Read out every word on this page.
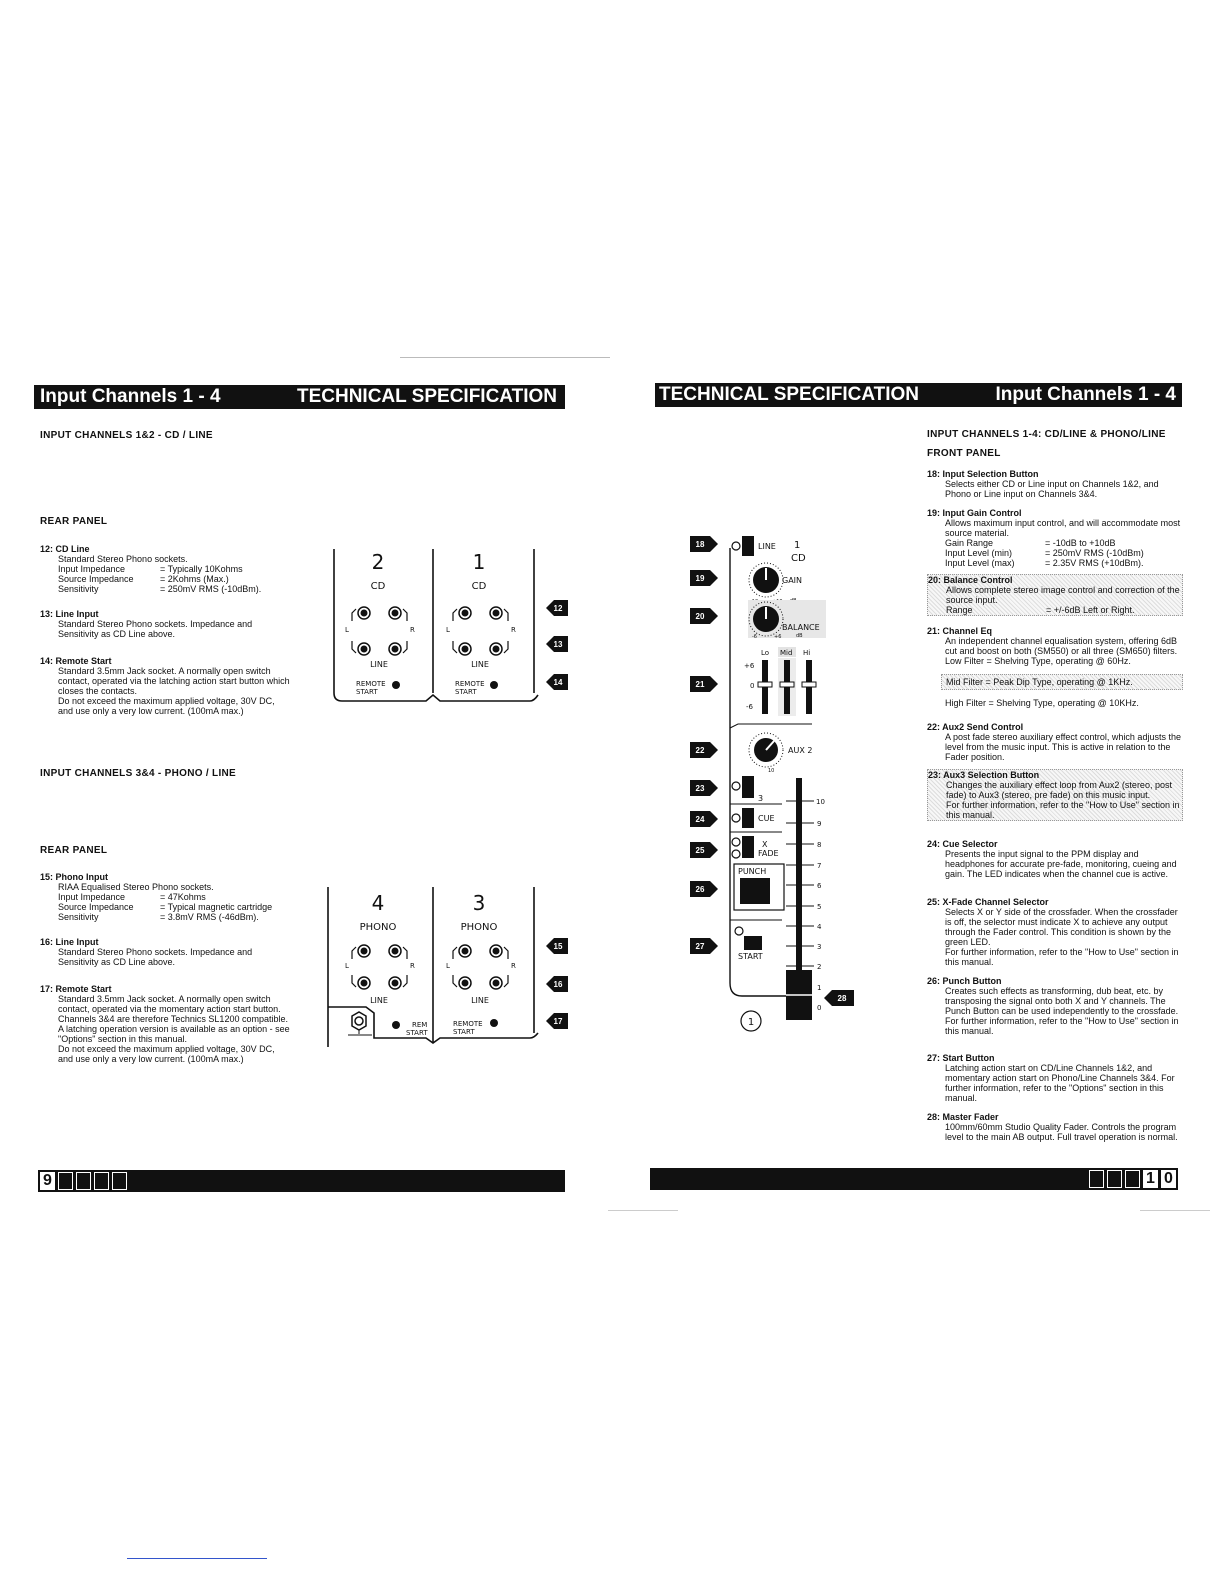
Input Channels 1 - 4	TECHNICAL SPECIFICATION
INPUT CHANNELS 1&2 - CD / LINE
REAR PANEL
12: CD Line
Standard Stereo Phono sockets.
Input Impedance	= Typically 10Kohms
Source Impedance	= 2Kohms (Max.)
Sensitivity	= 250mV RMS (-10dBm).
13: Line Input
Standard Stereo Phono sockets. Impedance and Sensitivity as CD Line above.
14: Remote Start
Standard 3.5mm Jack socket. A normally open switch contact, operated via the latching action start button which closes the contacts.
Do not exceed the maximum applied voltage, 30V DC, and use only a very low current. (100mA max.)
INPUT CHANNELS 3&4 - PHONO / LINE
REAR PANEL
15: Phono Input
RIAA Equalised Stereo Phono sockets.
Input Impedance	= 47Kohms
Source Impedance	= Typical magnetic cartridge
Sensitivity	= 3.8mV RMS (-46dBm).
16: Line Input
Standard Stereo Phono sockets. Impedance and Sensitivity as CD Line above.
17: Remote Start
Standard 3.5mm Jack socket. A normally open switch contact, operated via the momentary action start button. Channels 3&4 are therefore Technics SL1200 compatible. A latching operation version is available as an option - see "Options" section in this manual.
Do not exceed the maximum applied voltage, 30V DC, and use only a very low current. (100mA max.)
2	1
CD	CD
L	R
LINE
L	R
LINE
REMOTE
START
REMOTE
START
12
13
14
4	3
PHONO	PHONO
L	R
LINE
L	R
LINE
REM
START
REMOTE
START
15
16
17
9
TECHNICAL SPECIFICATION	Input Channels 1 - 4
INPUT CHANNELS 1-4: CD/LINE & PHONO/LINE
FRONT PANEL
18: Input Selection Button
Selects either CD or Line input on Channels 1&2, and Phono or Line input on Channels 3&4.
19: Input Gain Control
Allows maximum input control, and will accommodate most source material.
Gain Range	= -10dB to +10dB
Input Level (min)	= 250mV RMS (-10dBm)
Input Level (max)	= 2.35V RMS (+10dBm).
20: Balance Control
Allows complete stereo image control and correction of the source input.
Range	= +/-6dB Left or Right.
21: Channel Eq
An independent channel equalisation system, offering 6dB cut and boost on both (SM550) or all three (SM650) filters.
Low Filter = Shelving Type, operating @ 60Hz.
Mid Filter = Peak Dip Type, operating @ 1KHz.
High Filter = Shelving Type, operating @ 10KHz.
22: Aux2 Send Control
A post fade stereo auxiliary effect control, which adjusts the level from the music input. This is active in relation to the Fader position.
23: Aux3 Selection Button
Changes the auxiliary effect loop from Aux2 (stereo, post fade) to Aux3 (stereo, pre fade) on this music input.
For further information, refer to the "How to Use" section in this manual.
24: Cue Selector
Presents the input signal to the PPM display and headphones for accurate pre-fade, monitoring, cueing and gain. The LED indicates when the channel cue is active.
25: X-Fade Channel Selector
Selects X or Y side of the crossfader. When the crossfader is off, the selector must indicate X to achieve any output through the Fader control. This condition is shown by the green LED.
For further information, refer to the "How to Use" section in this manual.
26: Punch Button
Creates such effects as transforming, dub beat, etc. by transposing the signal onto both X and Y channels. The Punch Button can be used independently to the crossfade.
For further information, refer to the "How to Use" section in this manual.
27: Start Button
Latching action start on CD/Line Channels 1&2, and momentary action start on Phono/Line Channels 3&4. For further information, refer to the "Options" section in this manual.
28: Master Fader
100mm/60mm Studio Quality Fader. Controls the program level to the main AB output. Full travel operation is normal.
18
19
20
21
22
23
24
25
26
27
28
LINE 1
CD
GAIN
BALANCE
dB
-6	+6
Lo Mid Hi
+6
0
-6
AUX 2
10
3
CUE
X
FADE
PUNCH
START
10
9
8
7
6
5
4
3
2
1
0
1
1 0
